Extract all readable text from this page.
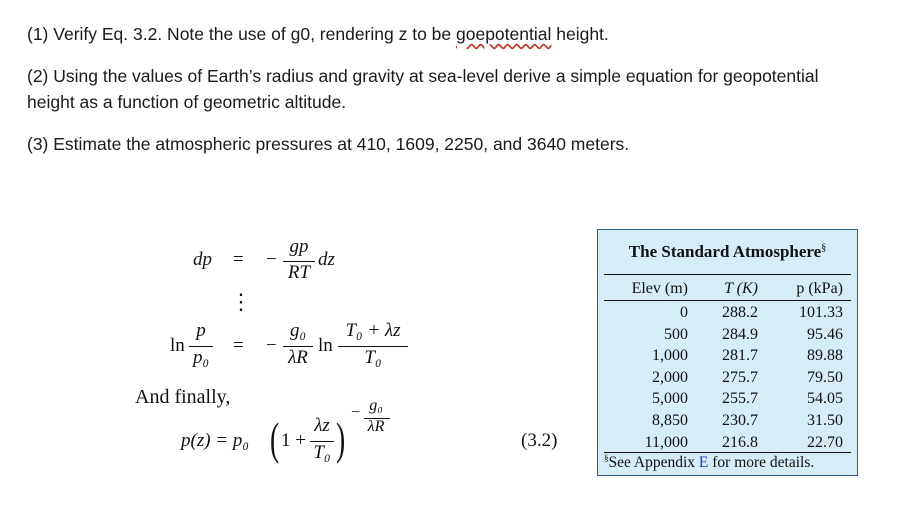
(1) Verify Eq. 3.2. Note the use of g0, rendering z to be goepotential height.
(2) Using the values of Earth’s radius and gravity at sea-level derive a simple equation for geopotential
height as a function of geometric altitude.
(3) Estimate the atmospheric pressures at 410, 1609, 2250, and 3640 meters.
dp = −
gp
RT
dz
⋮
ln
p
p₀
= −
g₀
λR
ln
T₀ + λz
T₀
And finally,
p(z) = p₀ ( 1 +
λz
T₀ )
− g₀
λR
(3.2)
The Standard Atmosphere§
Elev (m)	T (K)	p (kPa)
0
500
1,000
2,000
5,000
8,850
11,000
288.2
284.9
281.7
275.7
255.7
230.7
216.8
101.33
95.46
89.88
79.50
54.05
31.50
22.70
§See Appendix E for more details.
